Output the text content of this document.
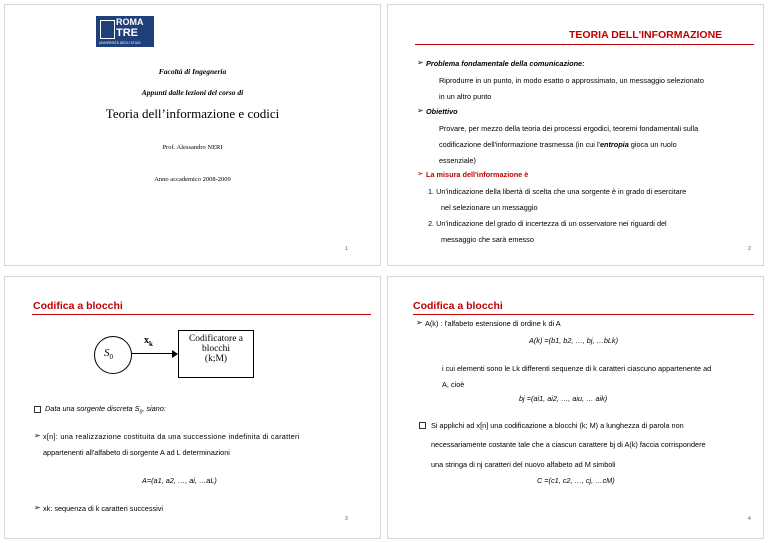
ROMA
TRE
UNIVERSITÀ DEGLI STUDI
Facoltà di Ingegneria
Appunti dalle lezioni del corso di
Teoria dell’informazione e codici
Prof. Alessandro NERI
Anno accademico 2008-2009
1
TEORIA DELL'INFORMAZIONE
➢ Problema fondamentale della comunicazione:
Riprodurre in un punto, in modo esatto o approssimato, un messaggio selezionato
in un altro punto
➢ Obiettivo
Provare, per mezzo della teoria dei processi ergodici, teoremi fondamentali sulla
codificazione dell'informazione trasmessa (in cui l'entropia gioca un ruolo
essenziale)
➢ La misura dell'informazione è
1. Un'indicazione della libertà di scelta che una sorgente è in grado di esercitare
nel selezionare un messaggio
2. Un'indicazione del grado di incertezza di un osservatore nei riguardi del
messaggio che sarà emesso
2
Codifica a blocchi
$S_0$
$x_k$	Codificatore a
blocchi
(k;M)
Data una sorgente discreta $S_0$, siano:
➢ x[n]: una realizzazione costituita da una successione indefinita di caratteri
appartenenti all'alfabeto di sorgente A ad L determinazioni
A=(a1, a2, …, ai, …aL)
➢ xk: sequenza di k caratteri successivi
3
Codifica a blocchi
➢ A(k) : l'alfabeto estensione di ordine k di A
A(k) =(b1, b2, …, bj, …bLk)
i cui elementi sono le Lk differenti sequenze di k caratteri ciascuno appartenente ad
A, cioè
bj =(ai1, ai2, …, aiu, … aik)
Si applichi ad x[n] una codificazione a blocchi (k; M) a lunghezza di parola non
necessariamente costante tale che a ciascun carattere bj di A(k) faccia corrispondere
una stringa di nj caratteri del nuovo alfabeto ad M simboli
C =(c1, c2, …, cj, …cM)
4
